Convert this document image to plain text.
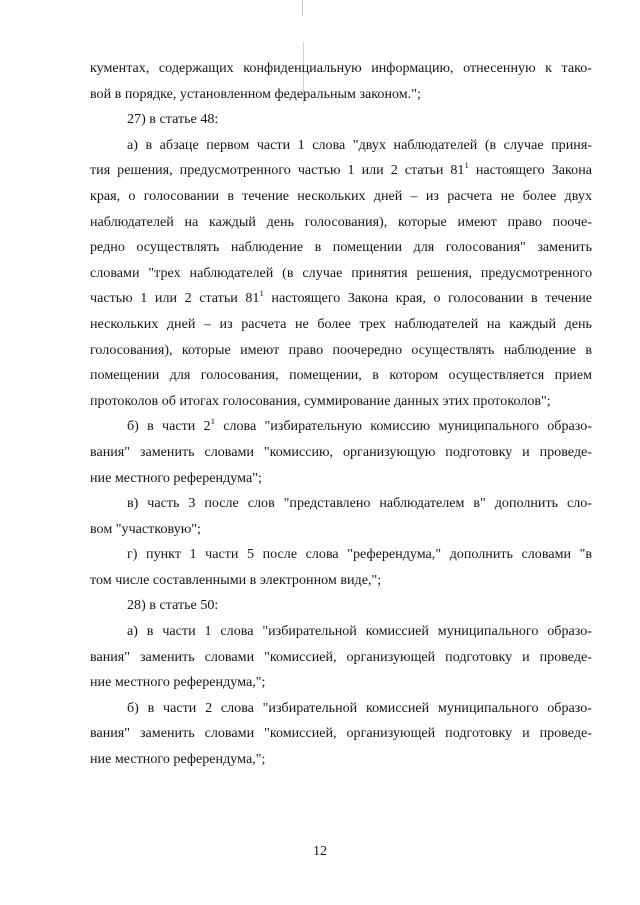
кументах, содержащих конфиденциальную информацию, отнесенную к тако-
вой в порядке, установленном федеральным законом.";
27) в статье 48:
а) в абзаце первом части 1 слова "двух наблюдателей (в случае приня-
тия решения, предусмотренного частью 1 или 2 статьи $81^1$ настоящего Закона
края, о голосовании в течение нескольких дней – из расчета не более двух
наблюдателей на каждый день голосования), которые имеют право пооче-
редно осуществлять наблюдение в помещении для голосования" заменить
словами "трех наблюдателей (в случае принятия решения, предусмотренного
частью 1 или 2 статьи $81^1$ настоящего Закона края, о голосовании в течение
нескольких дней – из расчета не более трех наблюдателей на каждый день
голосования), которые имеют право поочередно осуществлять наблюдение в
помещении для голосования, помещении, в котором осуществляется прием
протоколов об итогах голосования, суммирование данных этих протоколов";
б) в части $2^1$ слова "избирательную комиссию муниципального образо-
вания" заменить словами "комиссию, организующую подготовку и проведе-
ние местного референдума";
в) часть 3 после слов "представлено наблюдателем в" дополнить сло-
вом "участковую";
г) пункт 1 части 5 после слова "референдума," дополнить словами "в
том числе составленными в электронном виде,";
28) в статье 50:
а) в части 1 слова "избирательной комиссией муниципального образо-
вания" заменить словами "комиссией, организующей подготовку и проведе-
ние местного референдума,";
б) в части 2 слова "избирательной комиссией муниципального образо-
вания" заменить словами "комиссией, организующей подготовку и проведе-
ние местного референдума,";
12
